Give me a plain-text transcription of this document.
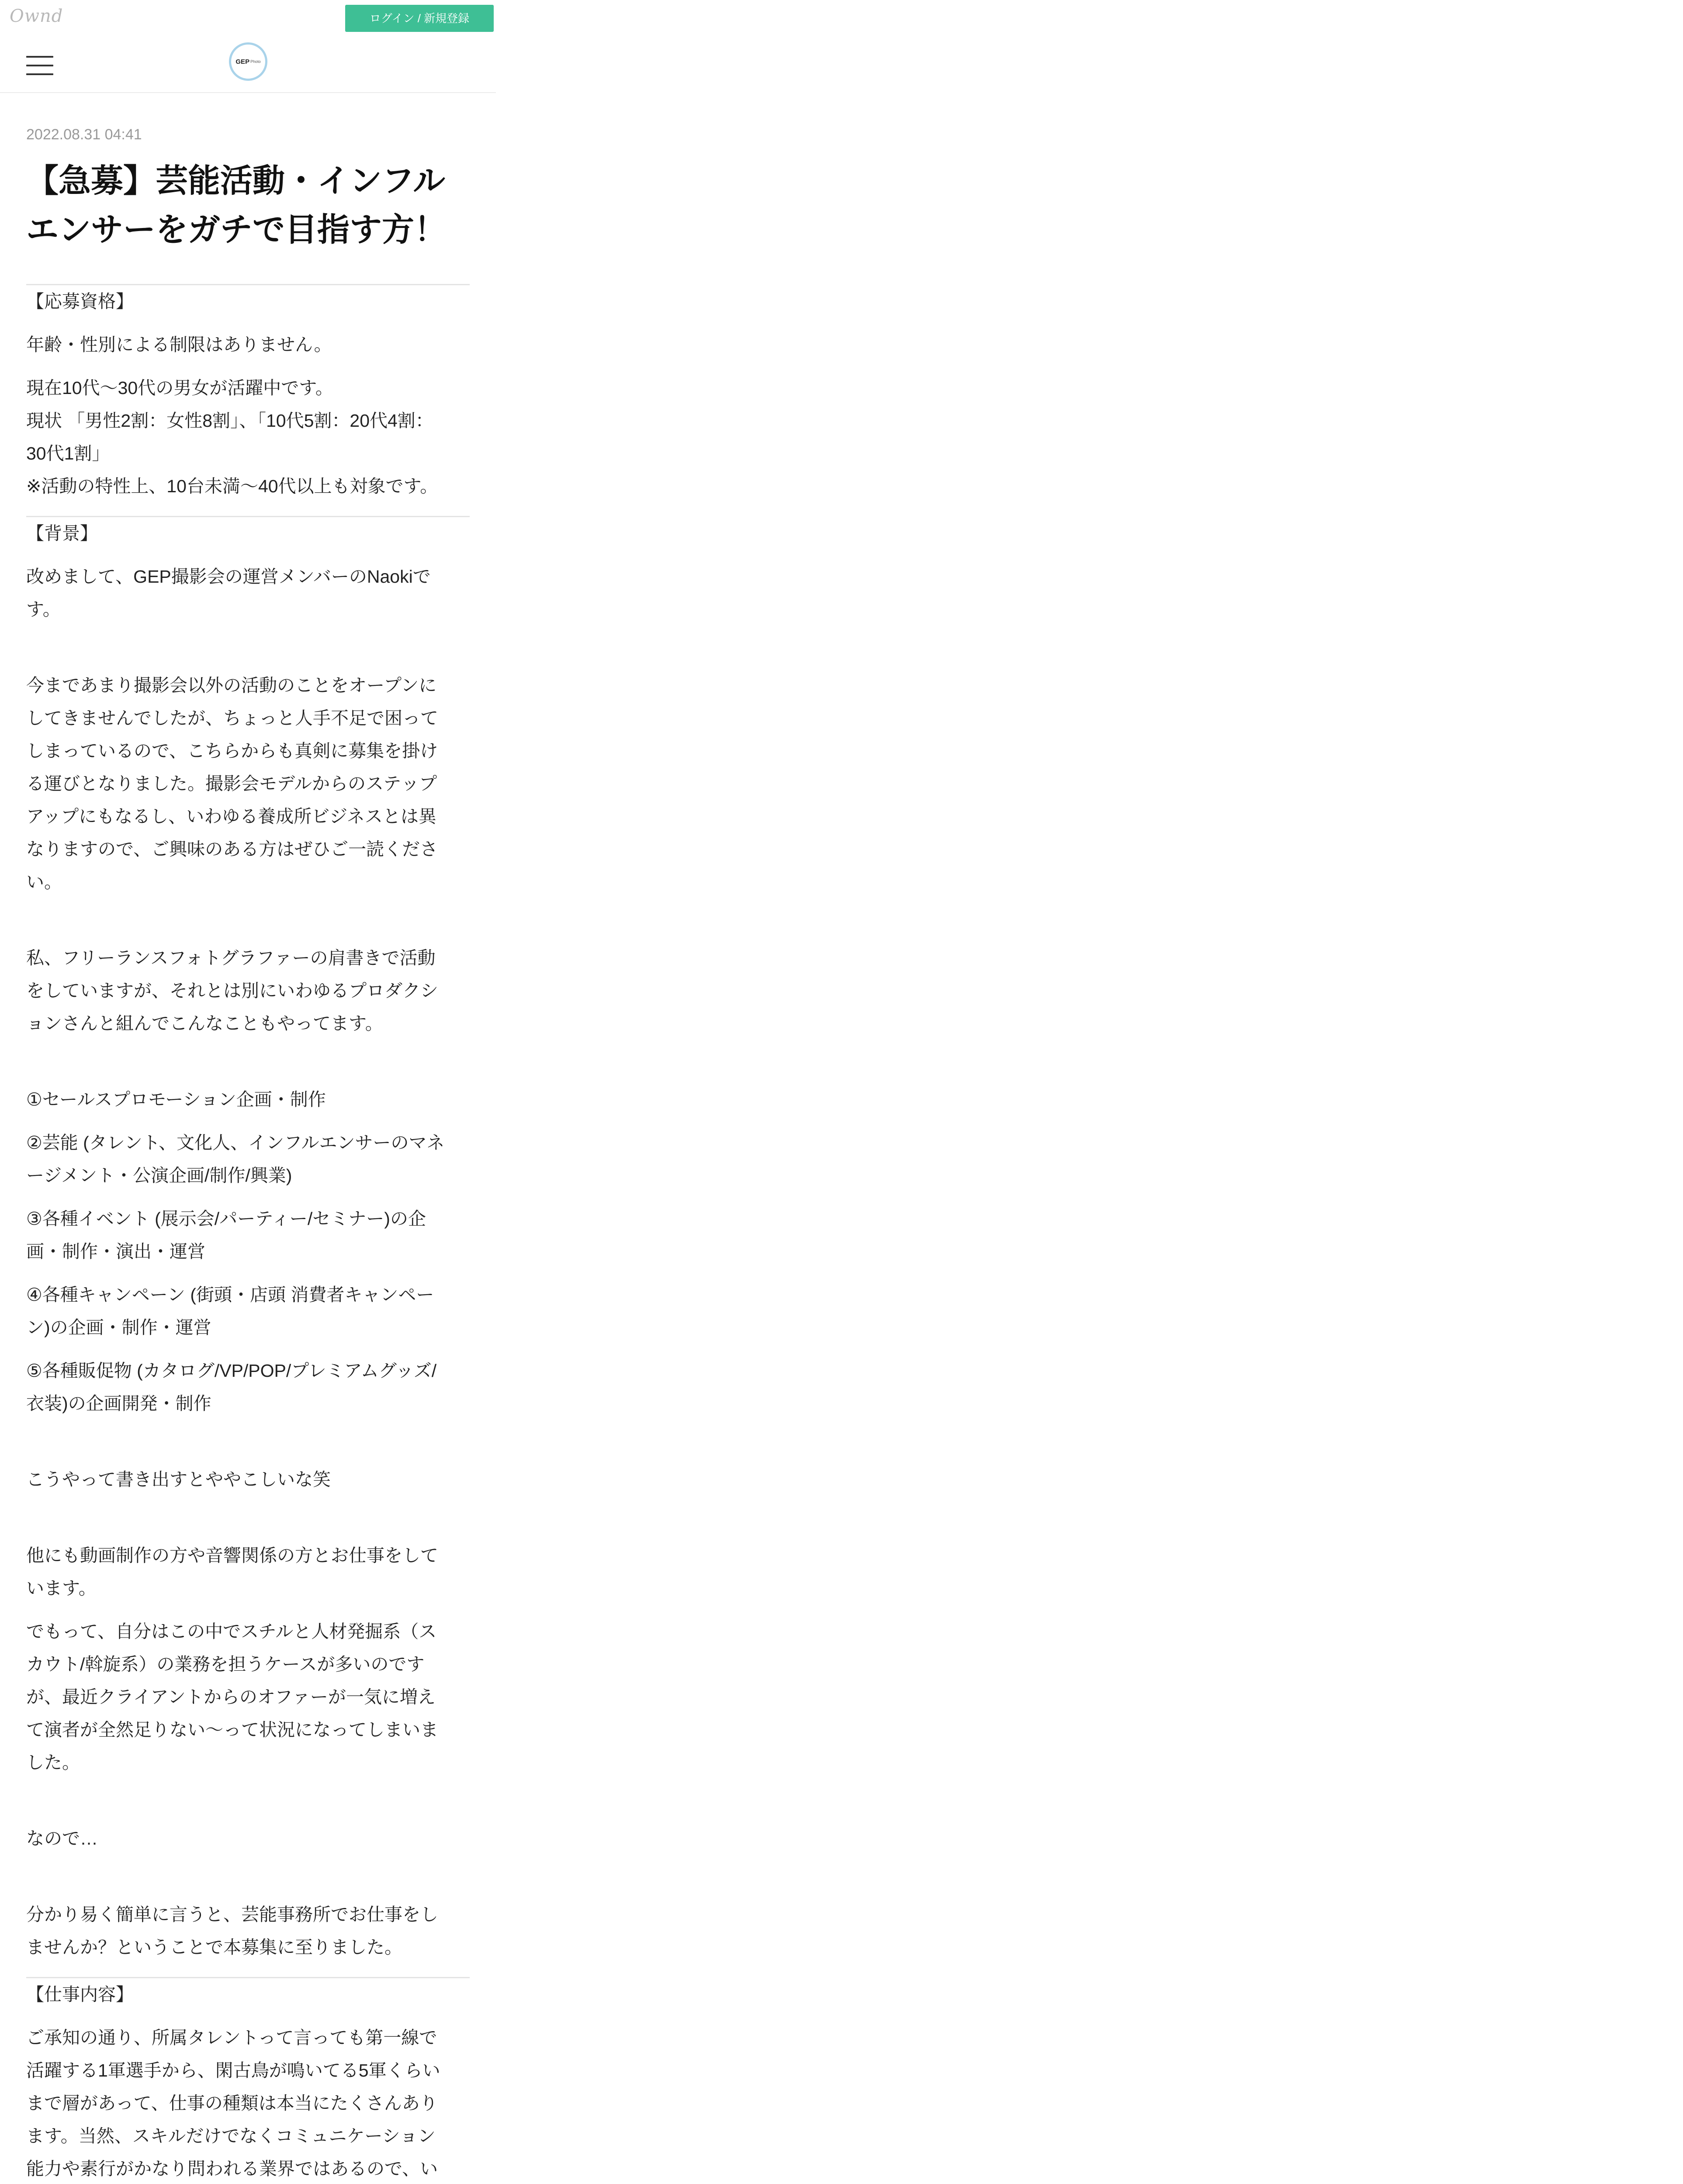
Ownd	ログイン / 新規登録
GEP Photo
2022.08.31 04:41
【急募】芸能活動・インフル
エンサーをガチで目指す方！

【応募資格】

年齢・性別による制限はありません。

現在10代～30代の男女が活躍中です。

現状 「男性2割：女性8割」、「10代5割：20代4割：

30代1割」

※活動の特性上、10台未満～40代以上も対象です。

【背景】

改めまして、GEP撮影会の運営メンバーのNaokiで

す。

今まであまり撮影会以外の活動のことをオープンに

してきませんでしたが、ちょっと人手不足で困って

しまっているので、こちらからも真剣に募集を掛け

る運びとなりました。撮影会モデルからのステップ

アップにもなるし、いわゆる養成所ビジネスとは異

なりますので、ご興味のある方はぜひご一読くださ

い。

私、フリーランスフォトグラファーの肩書きで活動

をしていますが、それとは別にいわゆるプロダクシ

ョンさんと組んでこんなこともやってます。

①セールスプロモーション企画・制作

②芸能 (タレント、文化人、インフルエンサーのマネ

ージメント・公演企画/制作/興業)

③各種イベント (展示会/パーティー/セミナー)の企

画・制作・演出・運営

④各種キャンペーン (街頭・店頭 消費者キャンペー

ン)の企画・制作・運営

⑤各種販促物 (カタログ/VP/POP/プレミアムグッズ/

衣装)の企画開発・制作

こうやって書き出すとややこしいな笑

他にも動画制作の方や音響関係の方とお仕事をして

います。

でもって、自分はこの中でスチルと人材発掘系（ス

カウト/斡旋系）の業務を担うケースが多いのです

が、最近クライアントからのオファーが一気に増え

て演者が全然足りない～って状況になってしまいま

した。

なので…

分かり易く簡単に言うと、芸能事務所でお仕事をし

ませんか？ということで本募集に至りました。

【仕事内容】

ご承知の通り、所属タレントって言っても第一線で

活躍する1軍選手から、閑古鳥が鳴いてる5軍くらい

まで層があって、仕事の種類は本当にたくさんあり

ます。当然、スキルだけでなくコミュニケーション

能力や素行がかなり問われる業界ではあるので、い
